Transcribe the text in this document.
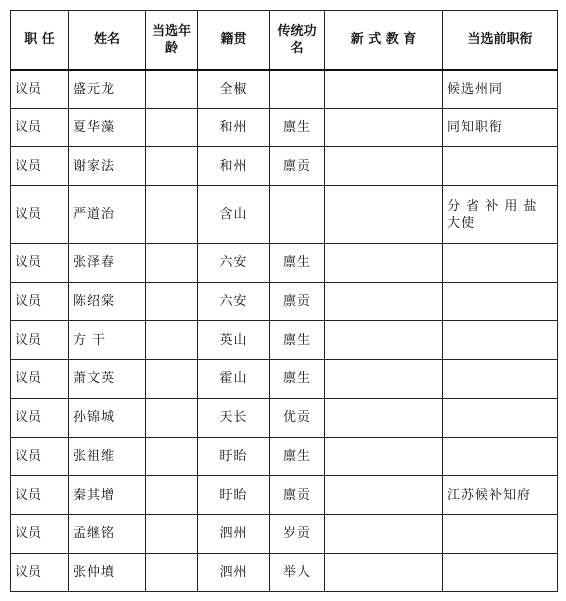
职 任	姓名	当选年龄	籍贯	传统功名	新 式 教 育	当选前职衔
议员	盛元龙		全椒			候选州同
议员	夏华藻		和州	廪生		同知职衔
议员	谢家法		和州	廪贡		
议员	严道治		含山			分 省 补 用 盐 大使
议员	张泽春		六安	廪生		
议员	陈绍棠		六安	廪贡		
议员	方 干		英山	廪生		
议员	萧文英		霍山	廪生		
议员	孙锦城		天长	优贡		
议员	张祖维		盱眙	廪生		
议员	秦其增		盱眙	廪贡		江苏候补知府
议员	孟继铭		泗州	岁贡		
议员	张仲墳		泗州	举人		
